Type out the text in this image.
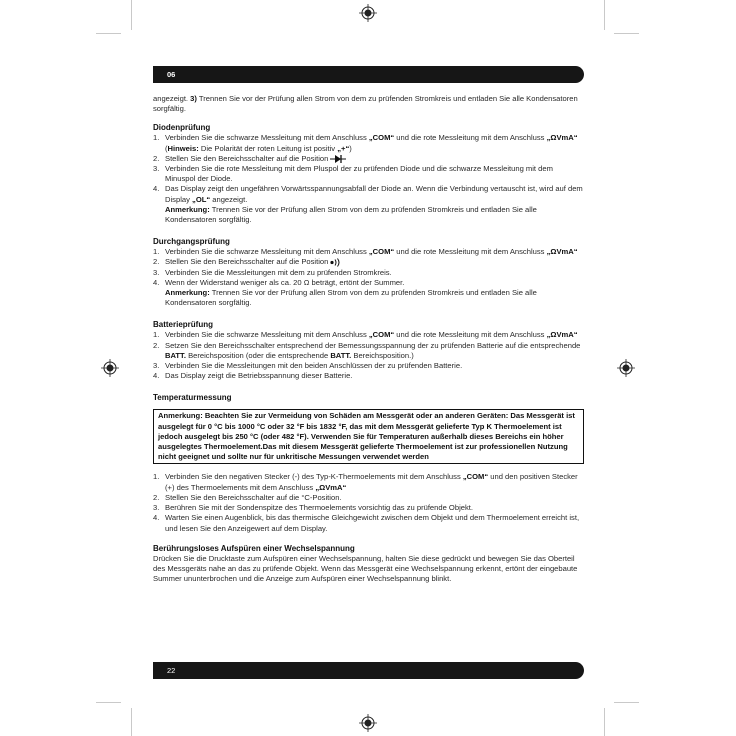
06

angezeigt. 3) Trennen Sie vor der Prüfung allen Strom von dem zu prüfenden Stromkreis und entladen Sie alle Kondensatoren sorgfältig.

Diodenprüfung
1. Verbinden Sie die schwarze Messleitung mit dem Anschluss „COM“ und die rote Messleitung mit dem Anschluss „ΩVmA“
(Hinweis: Die Polarität der roten Leitung ist positiv „+“)
2. Stellen Sie den Bereichsschalter auf die Position
3. Verbinden Sie die rote Messleitung mit dem Pluspol der zu prüfenden Diode und die schwarze Messleitung mit dem Minuspol der Diode.
4. Das Display zeigt den ungefähren Vorwärtsspannungsabfall der Diode an. Wenn die Verbindung vertauscht ist, wird auf dem Display „OL“ angezeigt.
Anmerkung: Trennen Sie vor der Prüfung allen Strom von dem zu prüfenden Stromkreis und entladen Sie alle Kondensatoren sorgfältig.
Durchgangsprüfung
1. Verbinden Sie die schwarze Messleitung mit dem Anschluss „COM“ und die rote Messleitung mit dem Anschluss „ΩVmA“
2. Stellen Sie den Bereichsschalter auf die Position
3. Verbinden Sie die Messleitungen mit dem zu prüfenden Stromkreis.
4. Wenn der Widerstand weniger als ca. 20 Ω beträgt, ertönt der Summer.
Anmerkung: Trennen Sie vor der Prüfung allen Strom von dem zu prüfenden Stromkreis und entladen Sie alle Kondensatoren sorgfältig.
Batterieprüfung
1. Verbinden Sie die schwarze Messleitung mit dem Anschluss „COM“ und die rote Messleitung mit dem Anschluss „ΩVmA“
2. Setzen Sie den Bereichsschalter entsprechend der Bemessungsspannung der zu prüfenden Batterie auf die entsprechende BATT. Bereichsposition (oder die entsprechende BATT. Bereichsposition.)
3. Verbinden Sie die Messleitungen mit den beiden Anschlüssen der zu prüfenden Batterie.
4. Das Display zeigt die Betriebsspannung dieser Batterie.
Temperaturmessung
Anmerkung: Beachten Sie zur Vermeidung von Schäden am Messgerät oder an anderen Geräten: Das Messgerät ist ausgelegt für 0 °C bis 1000 °C oder 32 °F bis 1832 °F, das mit dem Messgerät gelieferte Typ K Thermoelement ist jedoch ausgelegt bis 250 °C (oder 482 °F). Verwenden Sie für Temperaturen außerhalb dieses Bereichs ein höher ausgelegtes Thermoelement.Das mit diesem Messgerät gelieferte Thermoelement ist zur professionellen Nutzung nicht geeignet und sollte nur für unkritische Messungen verwendet werden
1. Verbinden Sie den negativen Stecker (-) des Typ-K-Thermoelements mit dem Anschluss „COM“ und den positiven Stecker (+) des Thermoelements mit dem Anschluss „ΩVmA“
2. Stellen Sie den Bereichsschalter auf die °C-Position.
3. Berühren Sie mit der Sondenspitze des Thermoelements vorsichtig das zu prüfende Objekt.
4. Warten Sie einen Augenblick, bis das thermische Gleichgewicht zwischen dem Objekt und dem Thermoelement erreicht ist, und lesen Sie den Anzeigewert auf dem Display.
Berührungsloses Aufspüren einer Wechselspannung

Drücken Sie die Drucktaste zum Aufspüren einer Wechselspannung, halten Sie diese gedrückt und bewegen Sie das Oberteil des Messgeräts nahe an das zu prüfende Objekt. Wenn das Messgerät eine Wechselspannung erkennt, ertönt der eingebaute Summer ununterbrochen und die Anzeige zum Aufspüren einer Wechselspannung blinkt.

22
